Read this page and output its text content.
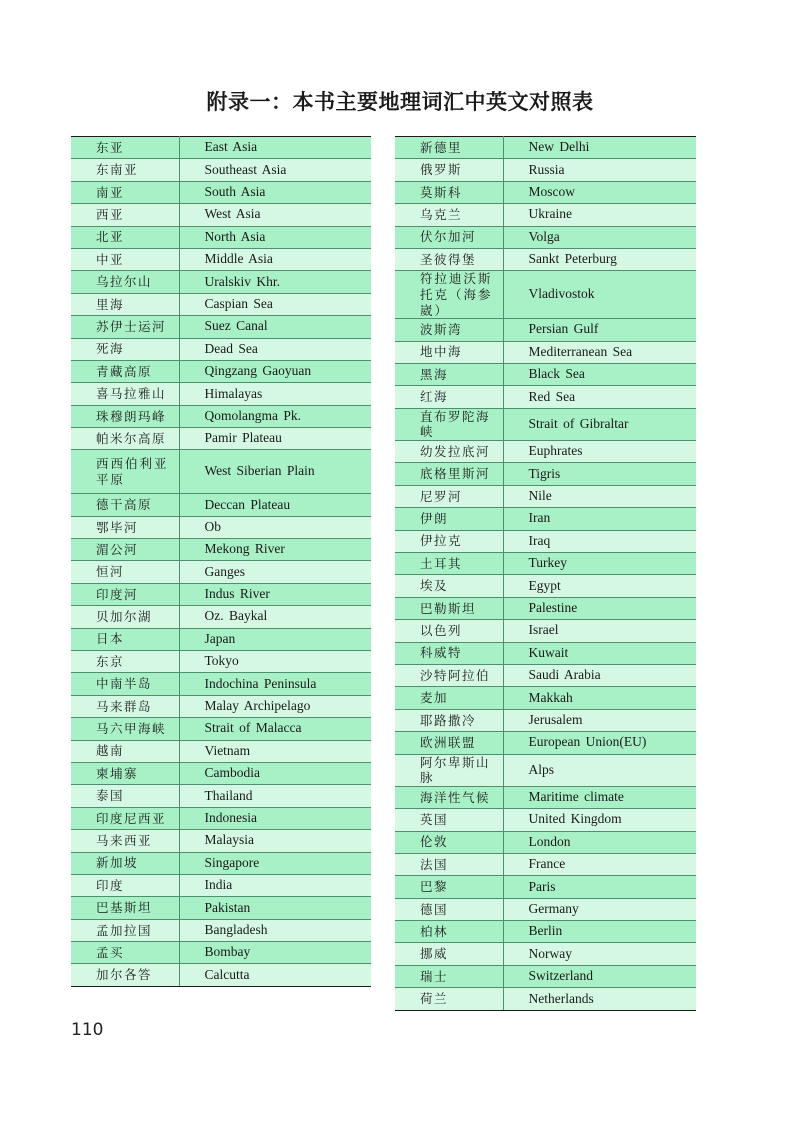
附录一：本书主要地理词汇中英文对照表
东亚	East Asia
东南亚	Southeast Asia
南亚	South Asia
西亚	West Asia
北亚	North Asia
中亚	Middle Asia
乌拉尔山	Uralskiv Khr.
里海	Caspian Sea
苏伊士运河	Suez Canal
死海	Dead Sea
青藏高原	Qingzang Gaoyuan
喜马拉雅山	Himalayas
珠穆朗玛峰	Qomolangma Pk.
帕米尔高原	Pamir Plateau
西西伯利亚平原	West Siberian Plain
德干高原	Deccan Plateau
鄂毕河	Ob
湄公河	Mekong River
恒河	Ganges
印度河	Indus River
贝加尔湖	Oz. Baykal
日本	Japan
东京	Tokyo
中南半岛	Indochina Peninsula
马来群岛	Malay Archipelago
马六甲海峡	Strait of Malacca
越南	Vietnam
柬埔寨	Cambodia
泰国	Thailand
印度尼西亚	Indonesia
马来西亚	Malaysia
新加坡	Singapore
印度	India
巴基斯坦	Pakistan
孟加拉国	Bangladesh
孟买	Bombay
加尔各答	Calcutta
新德里	New Delhi
俄罗斯	Russia
莫斯科	Moscow
乌克兰	Ukraine
伏尔加河	Volga
圣彼得堡	Sankt Peterburg
符拉迪沃斯托克（海参崴）	Vladivostok
波斯湾	Persian Gulf
地中海	Mediterranean Sea
黑海	Black Sea
红海	Red Sea
直布罗陀海峡	Strait of Gibraltar
幼发拉底河	Euphrates
底格里斯河	Tigris
尼罗河	Nile
伊朗	Iran
伊拉克	Iraq
土耳其	Turkey
埃及	Egypt
巴勒斯坦	Palestine
以色列	Israel
科威特	Kuwait
沙特阿拉伯	Saudi Arabia
麦加	Makkah
耶路撒冷	Jerusalem
欧洲联盟	European Union(EU)
阿尔卑斯山脉	Alps
海洋性气候	Maritime climate
英国	United Kingdom
伦敦	London
法国	France
巴黎	Paris
德国	Germany
柏林	Berlin
挪威	Norway
瑞士	Switzerland
荷兰	Netherlands
110
